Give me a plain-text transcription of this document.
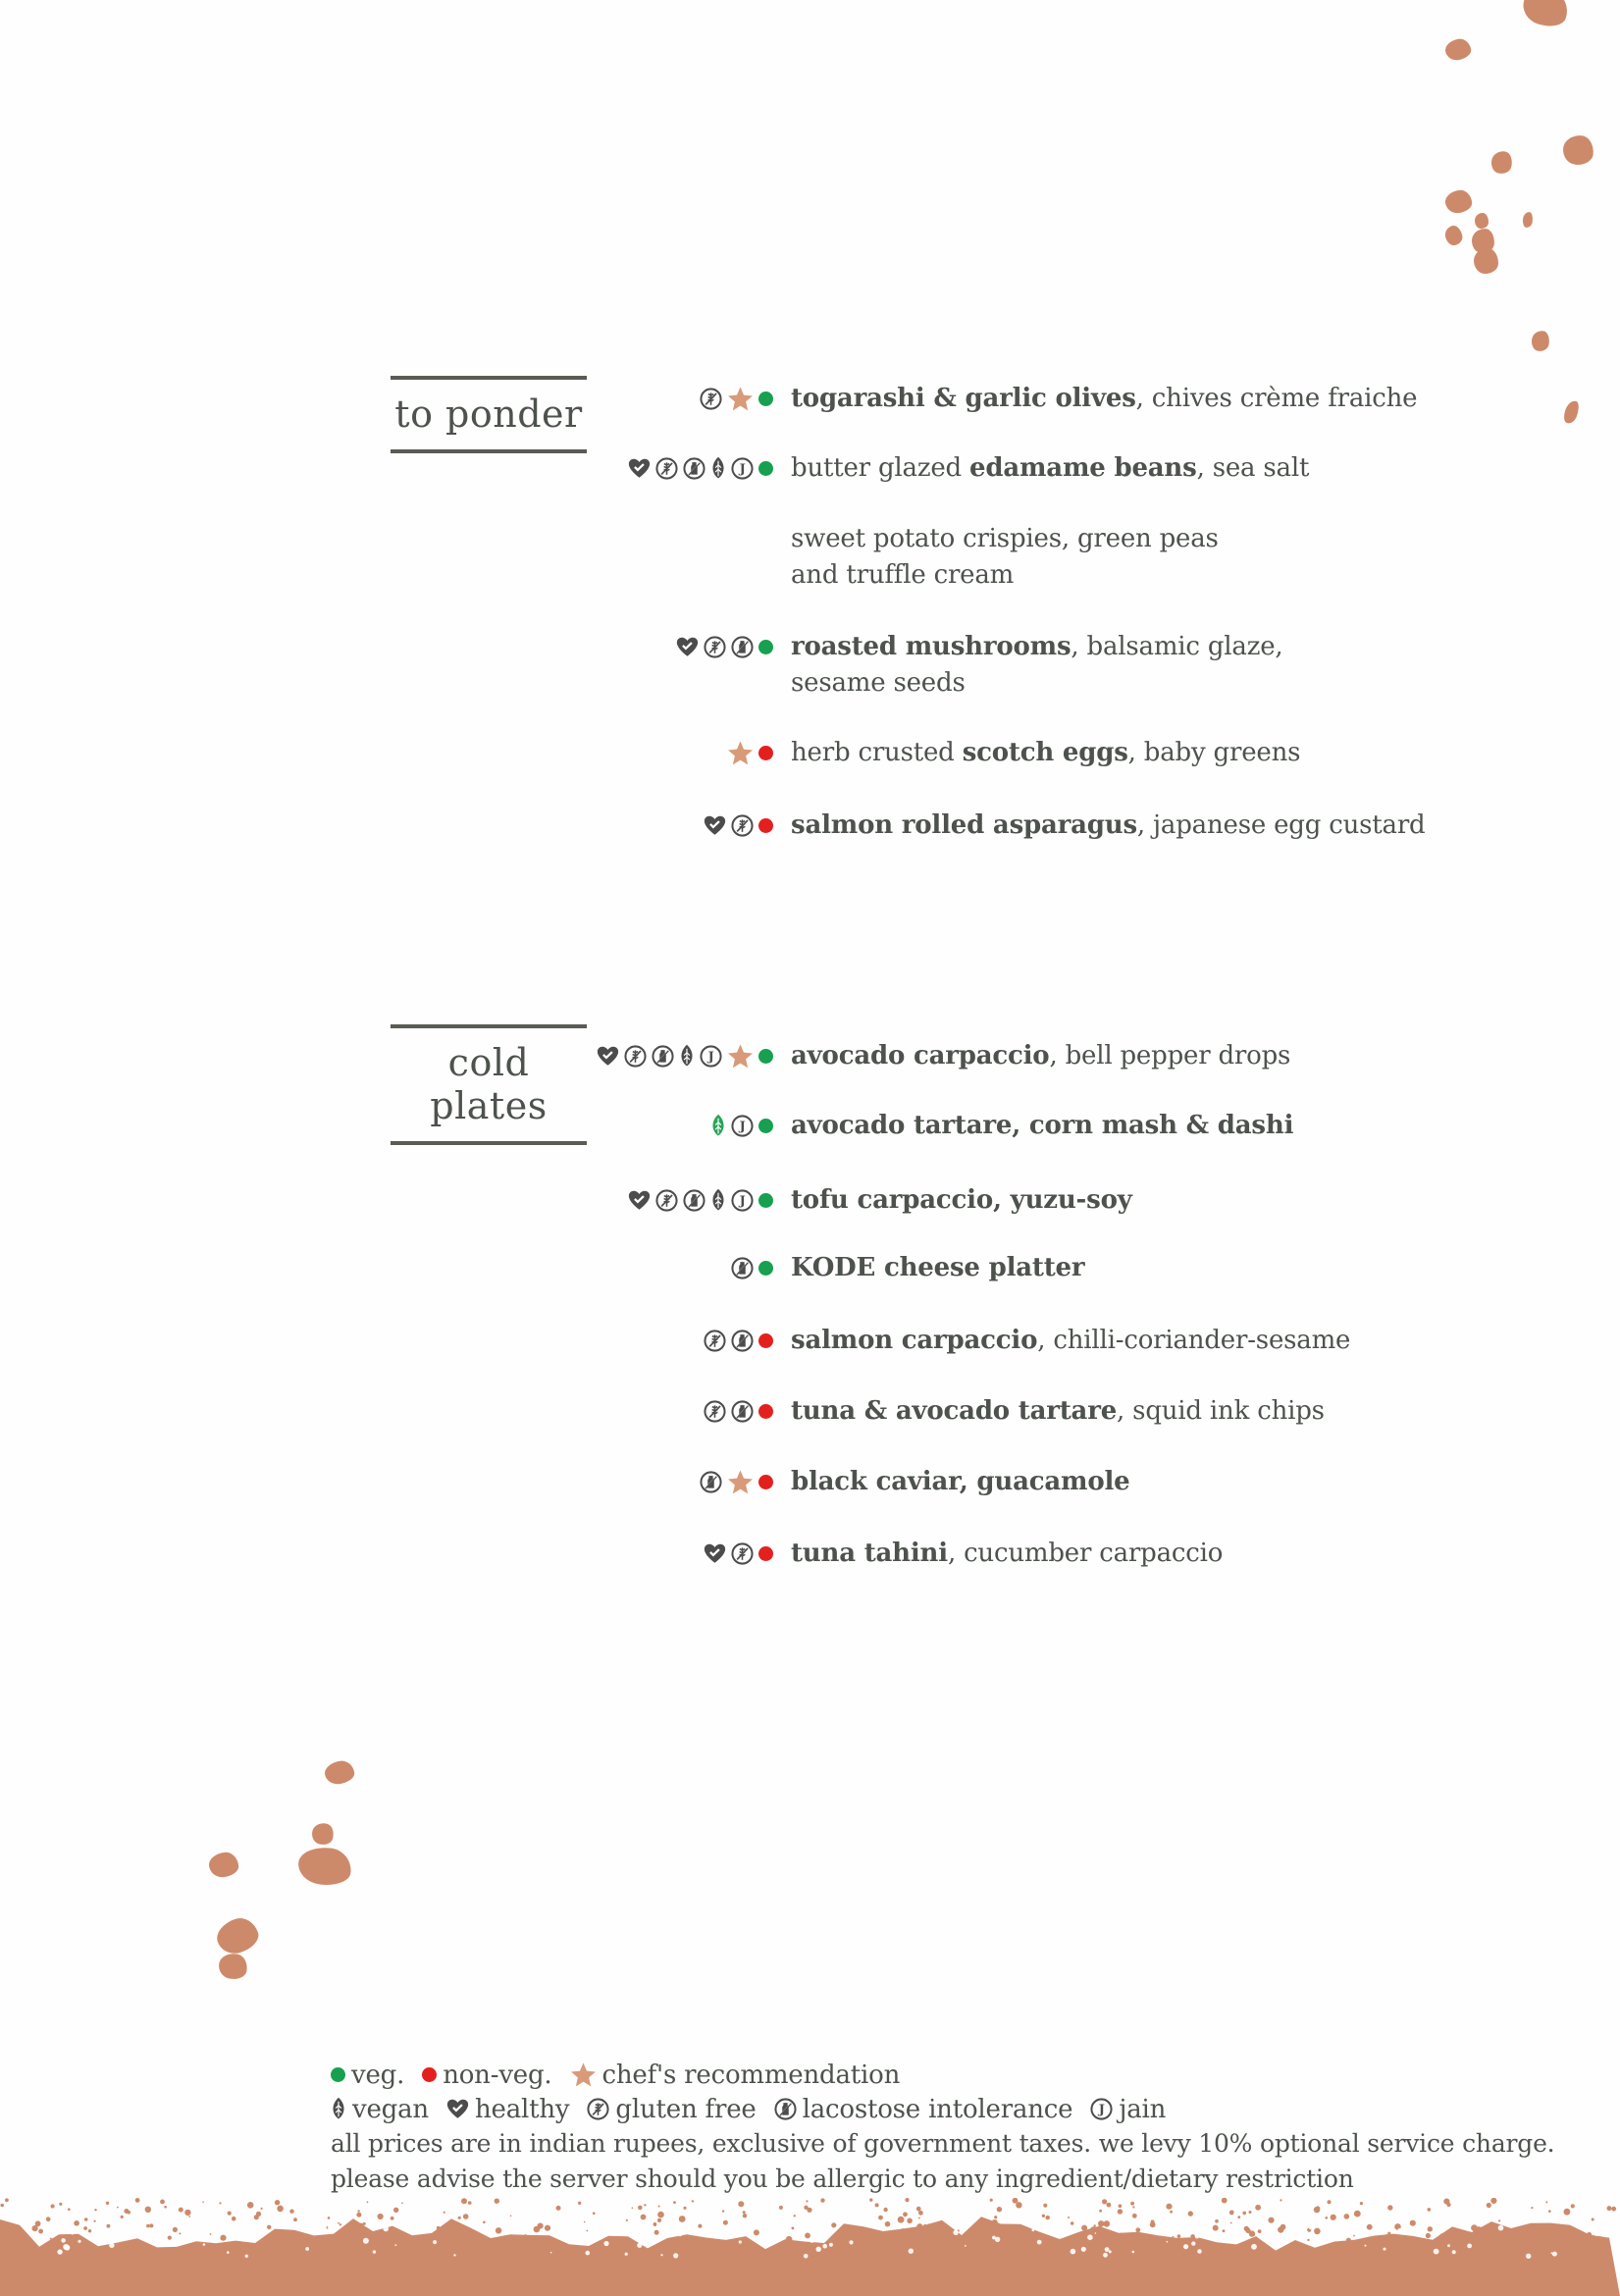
to ponder
cold plates
togarashi & garlic olives, chives crème fraiche
J butter glazed edamame beans, sea salt
sweet potato crispies, green peas
and truffle cream
roasted mushrooms, balsamic glaze,
sesame seeds
herb crusted scotch eggs, baby greens
salmon rolled asparagus, japanese egg custard
J	avocado carpaccio, bell pepper drops
J avocado tartare, corn mash & dashi
J tofu carpaccio, yuzu-soy
KODE cheese platter
salmon carpaccio, chilli-coriander-sesame
tuna & avocado tartare, squid ink chips
black caviar, guacamole
tuna tahini, cucumber carpaccio
veg. non-veg. chef's recommendation
vegan healthy gluten free lacostose intolerance J jain
all prices are in indian rupees, exclusive of government taxes. we levy 10% optional service charge.
please advise the server should you be allergic to any ingredient/dietary restriction
